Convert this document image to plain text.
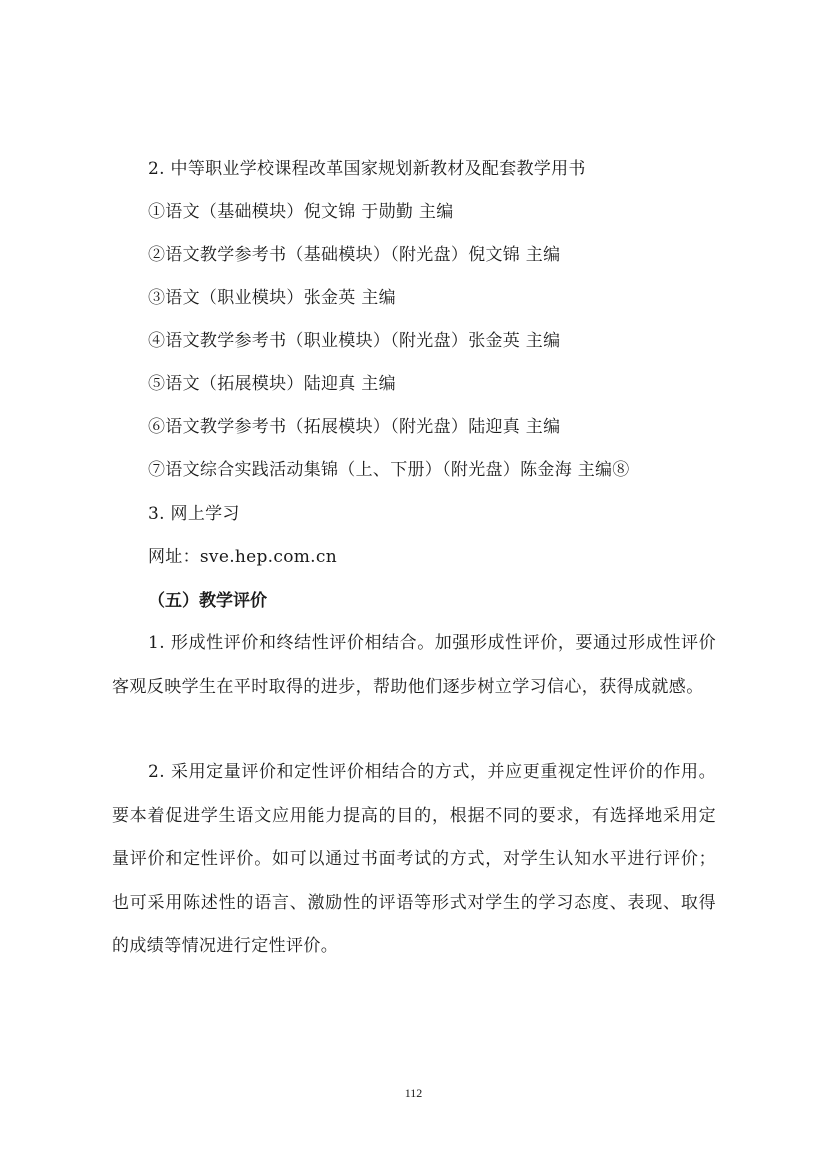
2. 中等职业学校课程改革国家规划新教材及配套教学用书
①语文（基础模块）倪文锦 于勋勤 主编
②语文教学参考书（基础模块）（附光盘）倪文锦 主编
③语文（职业模块）张金英 主编
④语文教学参考书（职业模块）（附光盘）张金英 主编
⑤语文（拓展模块）陆迎真 主编
⑥语文教学参考书（拓展模块）（附光盘）陆迎真 主编
⑦语文综合实践活动集锦（上、下册）（附光盘）陈金海 主编⑧
3. 网上学习
网址：sve.hep.com.cn
（五）教学评价
1. 形成性评价和终结性评价相结合。加强形成性评价，要通过形成性评价客观反映学生在平时取得的进步，帮助他们逐步树立学习信心，获得成就感。
2. 采用定量评价和定性评价相结合的方式，并应更重视定性评价的作用。要本着促进学生语文应用能力提高的目的，根据不同的要求，有选择地采用定量评价和定性评价。如可以通过书面考试的方式，对学生认知水平进行评价；也可采用陈述性的语言、激励性的评语等形式对学生的学习态度、表现、取得的成绩等情况进行定性评价。
112
